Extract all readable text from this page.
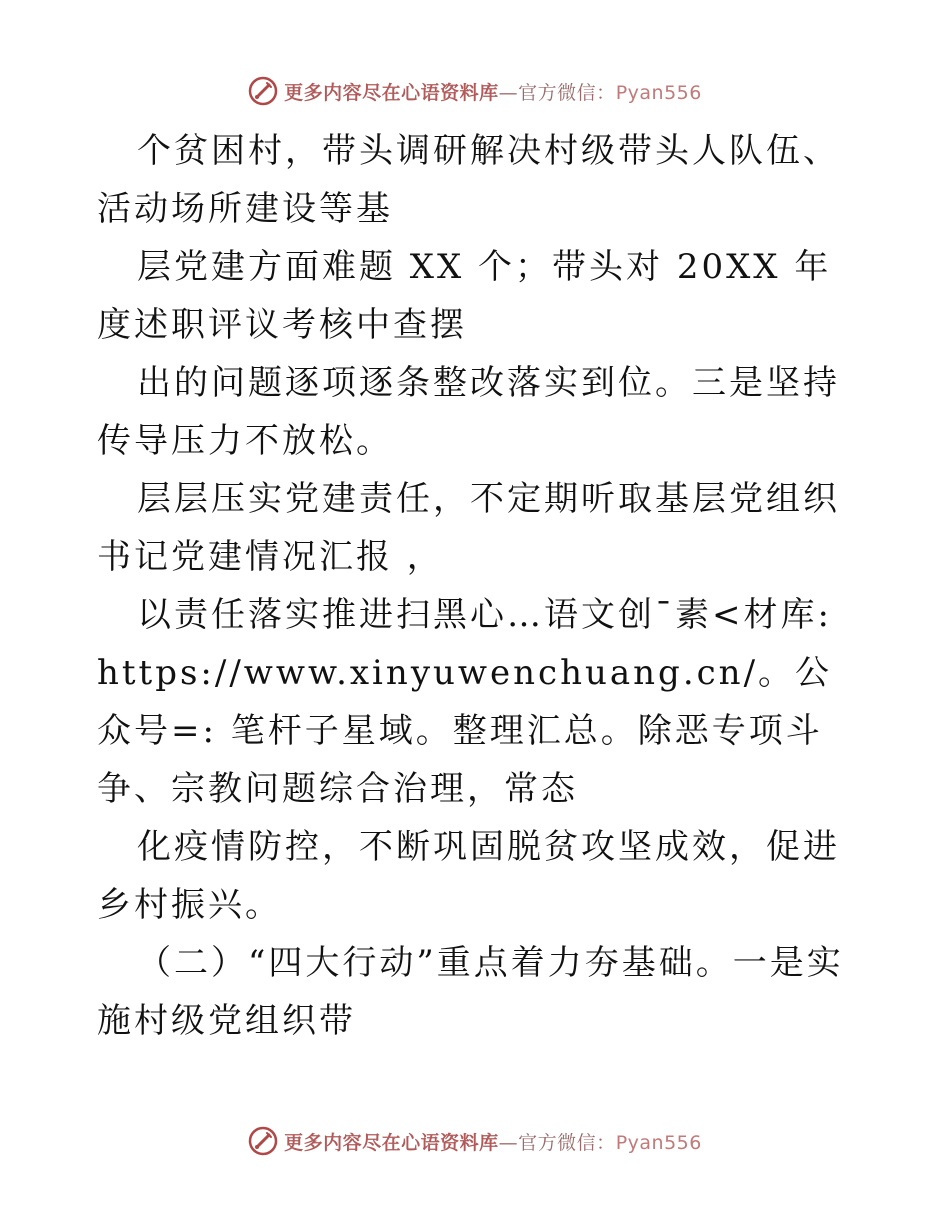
更多内容尽在心语资料库—官方微信：Pyan556

个贫困村，带头调研解决村级带头人队伍、活动场所建设等基

层党建方面难题 XX 个；带头对 20XX 年度述职评议考核中查摆

出的问题逐项逐条整改落实到位。三是坚持传导压力不放松。

层层压实党建责任，不定期听取基层党组织书记党建情况汇报 ，

以责任落实推进扫黑心…语文创¯素<材库: https://www.xinyuwenchuang.cn/。公众号=: 笔杆子星域。整理汇总。除恶专项斗争、宗教问题综合治理，常态

化疫情防控，不断巩固脱贫攻坚成效，促进乡村振兴。

（二）“四大行动”重点着力夯基础。一是实施村级党组织带

更多内容尽在心语资料库—官方微信：Pyan556
